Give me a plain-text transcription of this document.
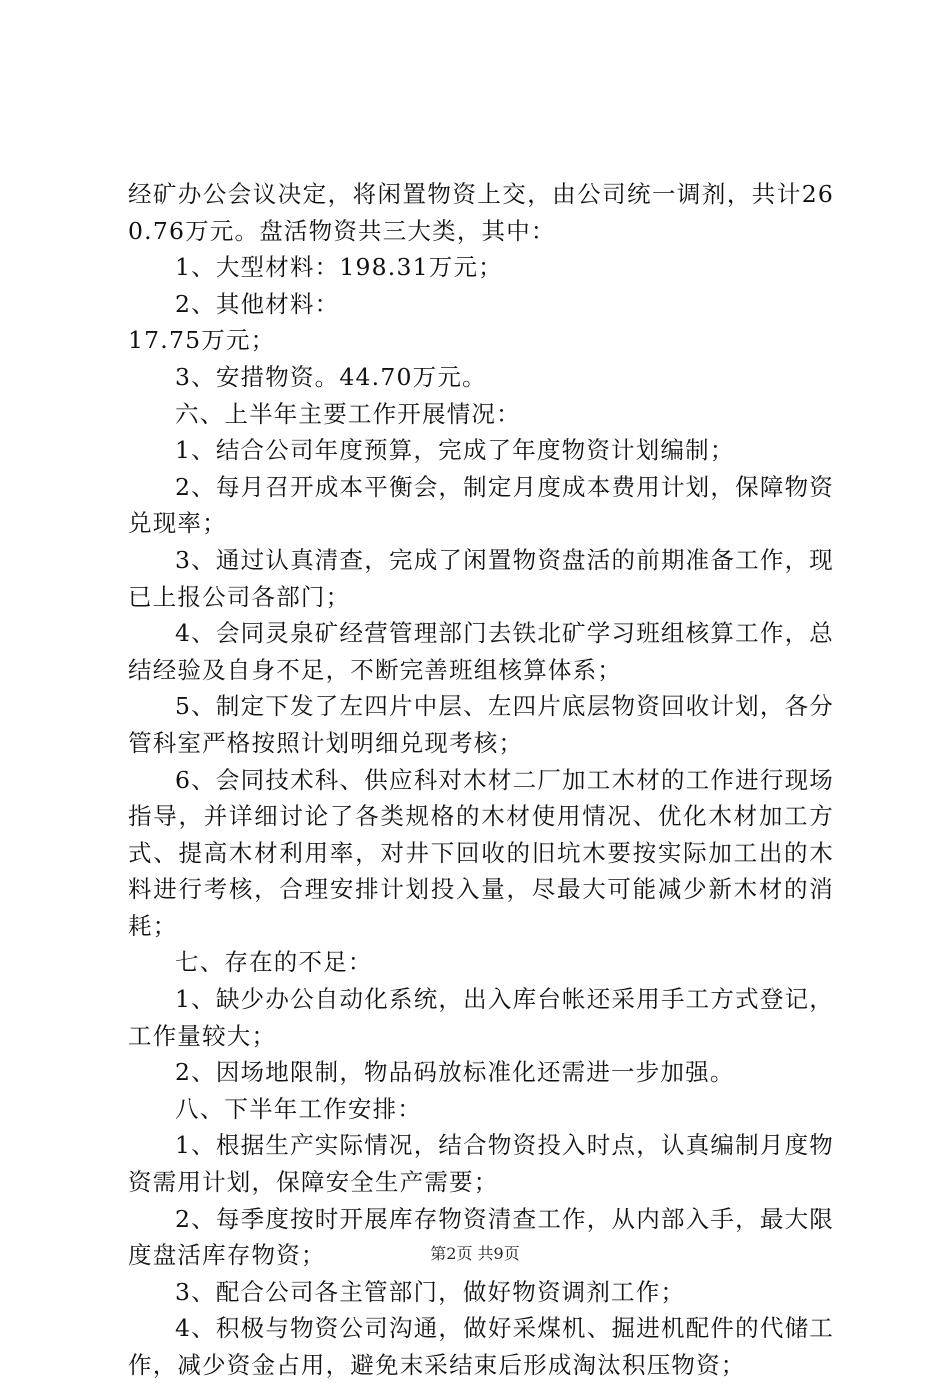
经矿办公会议决定，将闲置物资上交，由公司统一调剂，共计260.76万元。盘活物资共三大类，其中：

1、大型材料：198.31万元；

2、其他材料：

17.75万元；

3、安措物资。44.70万元。

六、上半年主要工作开展情况：

1、结合公司年度预算，完成了年度物资计划编制；

2、每月召开成本平衡会，制定月度成本费用计划，保障物资兑现率；

3、通过认真清查，完成了闲置物资盘活的前期准备工作，现已上报公司各部门；

4、会同灵泉矿经营管理部门去铁北矿学习班组核算工作，总结经验及自身不足，不断完善班组核算体系；

5、制定下发了左四片中层、左四片底层物资回收计划，各分管科室严格按照计划明细兑现考核；

6、会同技术科、供应科对木材二厂加工木材的工作进行现场指导，并详细讨论了各类规格的木材使用情况、优化木材加工方式、提高木材利用率，对井下回收的旧坑木要按实际加工出的木料进行考核，合理安排计划投入量，尽最大可能减少新木材的消耗；

七、存在的不足：

1、缺少办公自动化系统，出入库台帐还采用手工方式登记，工作量较大；

2、因场地限制，物品码放标准化还需进一步加强。

八、下半年工作安排：

1、根据生产实际情况，结合物资投入时点，认真编制月度物资需用计划，保障安全生产需要；

2、每季度按时开展库存物资清查工作，从内部入手，最大限度盘活库存物资；

3、配合公司各主管部门，做好物资调剂工作；

4、积极与物资公司沟通，做好采煤机、掘进机配件的代储工作，减少资金占用，避免末采结束后形成淘汰积压物资；

第2页 共9页
